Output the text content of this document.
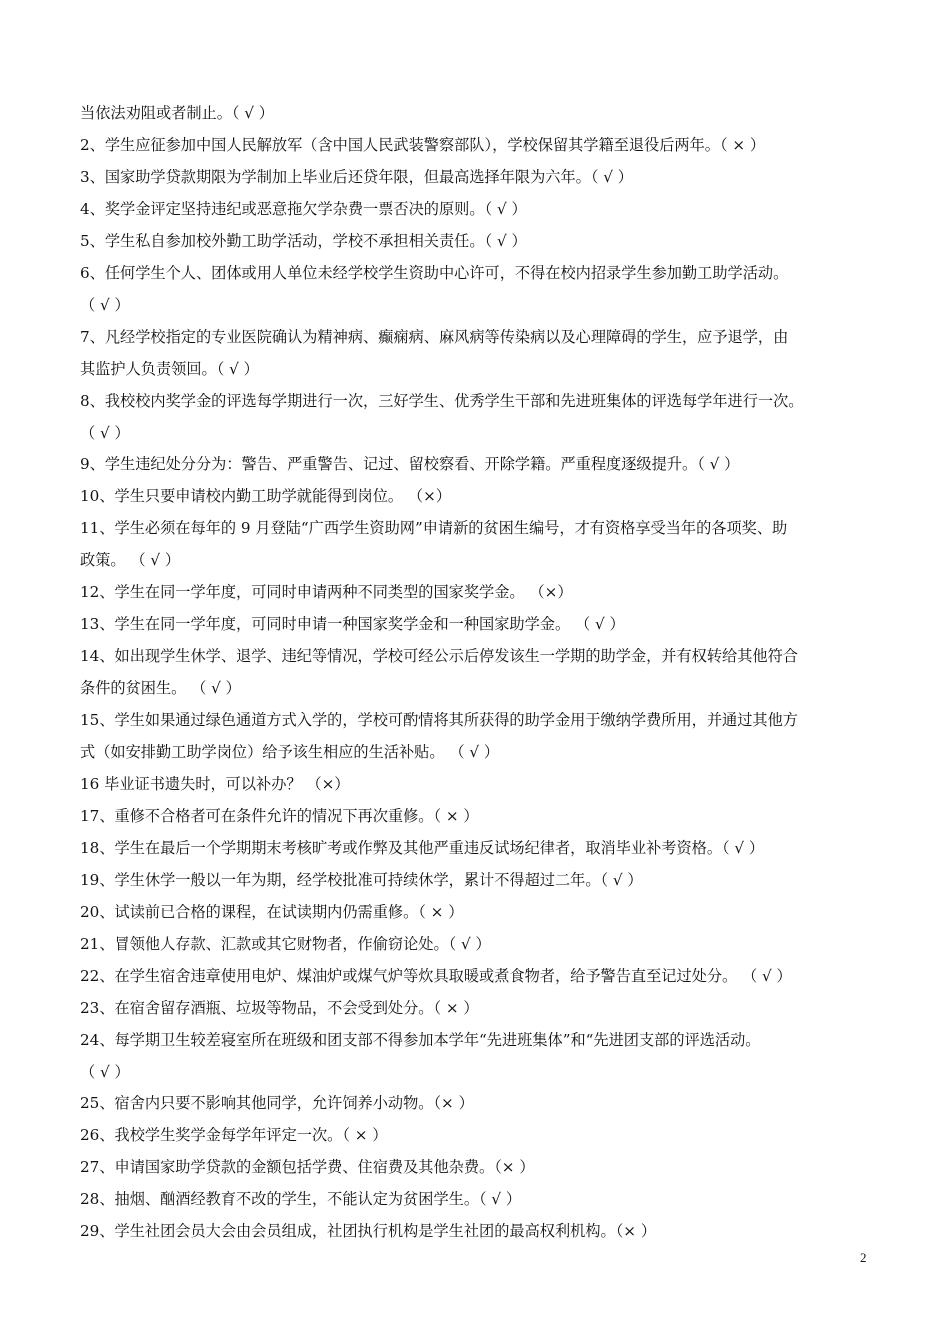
当依法劝阻或者制止。（ √ ）
2、学生应征参加中国人民解放军（含中国人民武装警察部队），学校保留其学籍至退役后两年。（ × ）
3、国家助学贷款期限为学制加上毕业后还贷年限，但最高选择年限为六年。（ √ ）
4、奖学金评定坚持违纪或恶意拖欠学杂费一票否决的原则。（ √ ）
5、学生私自参加校外勤工助学活动，学校不承担相关责任。（ √ ）
6、任何学生个人、团体或用人单位未经学校学生资助中心许可，不得在校内招录学生参加勤工助学活动。
（ √ ）
7、凡经学校指定的专业医院确认为精神病、癫痫病、麻风病等传染病以及心理障碍的学生，应予退学，由
其监护人负责领回。（ √ ）
8、我校校内奖学金的评选每学期进行一次，三好学生、优秀学生干部和先进班集体的评选每学年进行一次。
（ √ ）
9、学生违纪处分分为：警告、严重警告、记过、留校察看、开除学籍。严重程度逐级提升。（ √ ）
10、学生只要申请校内勤工助学就能得到岗位。 （×）
11、学生必须在每年的 9 月登陆“广西学生资助网”申请新的贫困生编号，才有资格享受当年的各项奖、助
政策。 （ √ ）
12、学生在同一学年度，可同时申请两种不同类型的国家奖学金。 （×）
13、学生在同一学年度，可同时申请一种国家奖学金和一种国家助学金。 （ √ ）
14、如出现学生休学、退学、违纪等情况，学校可经公示后停发该生一学期的助学金，并有权转给其他符合
条件的贫困生。 （ √ ）
15、学生如果通过绿色通道方式入学的，学校可酌情将其所获得的助学金用于缴纳学费所用，并通过其他方
式（如安排勤工助学岗位）给予该生相应的生活补贴。 （ √ ）
16 毕业证书遗失时，可以补办？ （×）
17、重修不合格者可在条件允许的情况下再次重修。（ × ）
18、学生在最后一个学期期末考核旷考或作弊及其他严重违反试场纪律者，取消毕业补考资格。（ √ ）
19、学生休学一般以一年为期，经学校批准可持续休学，累计不得超过二年。（ √ ）
20、试读前已合格的课程，在试读期内仍需重修。（ × ）
21、冒领他人存款、汇款或其它财物者，作偷窃论处。（ √ ）
22、在学生宿舍违章使用电炉、煤油炉或煤气炉等炊具取暖或煮食物者，给予警告直至记过处分。 （ √ ）
23、在宿舍留存酒瓶、垃圾等物品，不会受到处分。（ × ）
24、每学期卫生较差寝室所在班级和团支部不得参加本学年“先进班集体”和“先进团支部的评选活动。
（ √ ）
25、宿舍内只要不影响其他同学，允许饲养小动物。（× ）
26、我校学生奖学金每学年评定一次。（ × ）
27、申请国家助学贷款的金额包括学费、住宿费及其他杂费。（× ）
28、抽烟、酗酒经教育不改的学生，不能认定为贫困学生。（ √ ）
29、学生社团会员大会由会员组成，社团执行机构是学生社团的最高权利机构。（× ）
2
